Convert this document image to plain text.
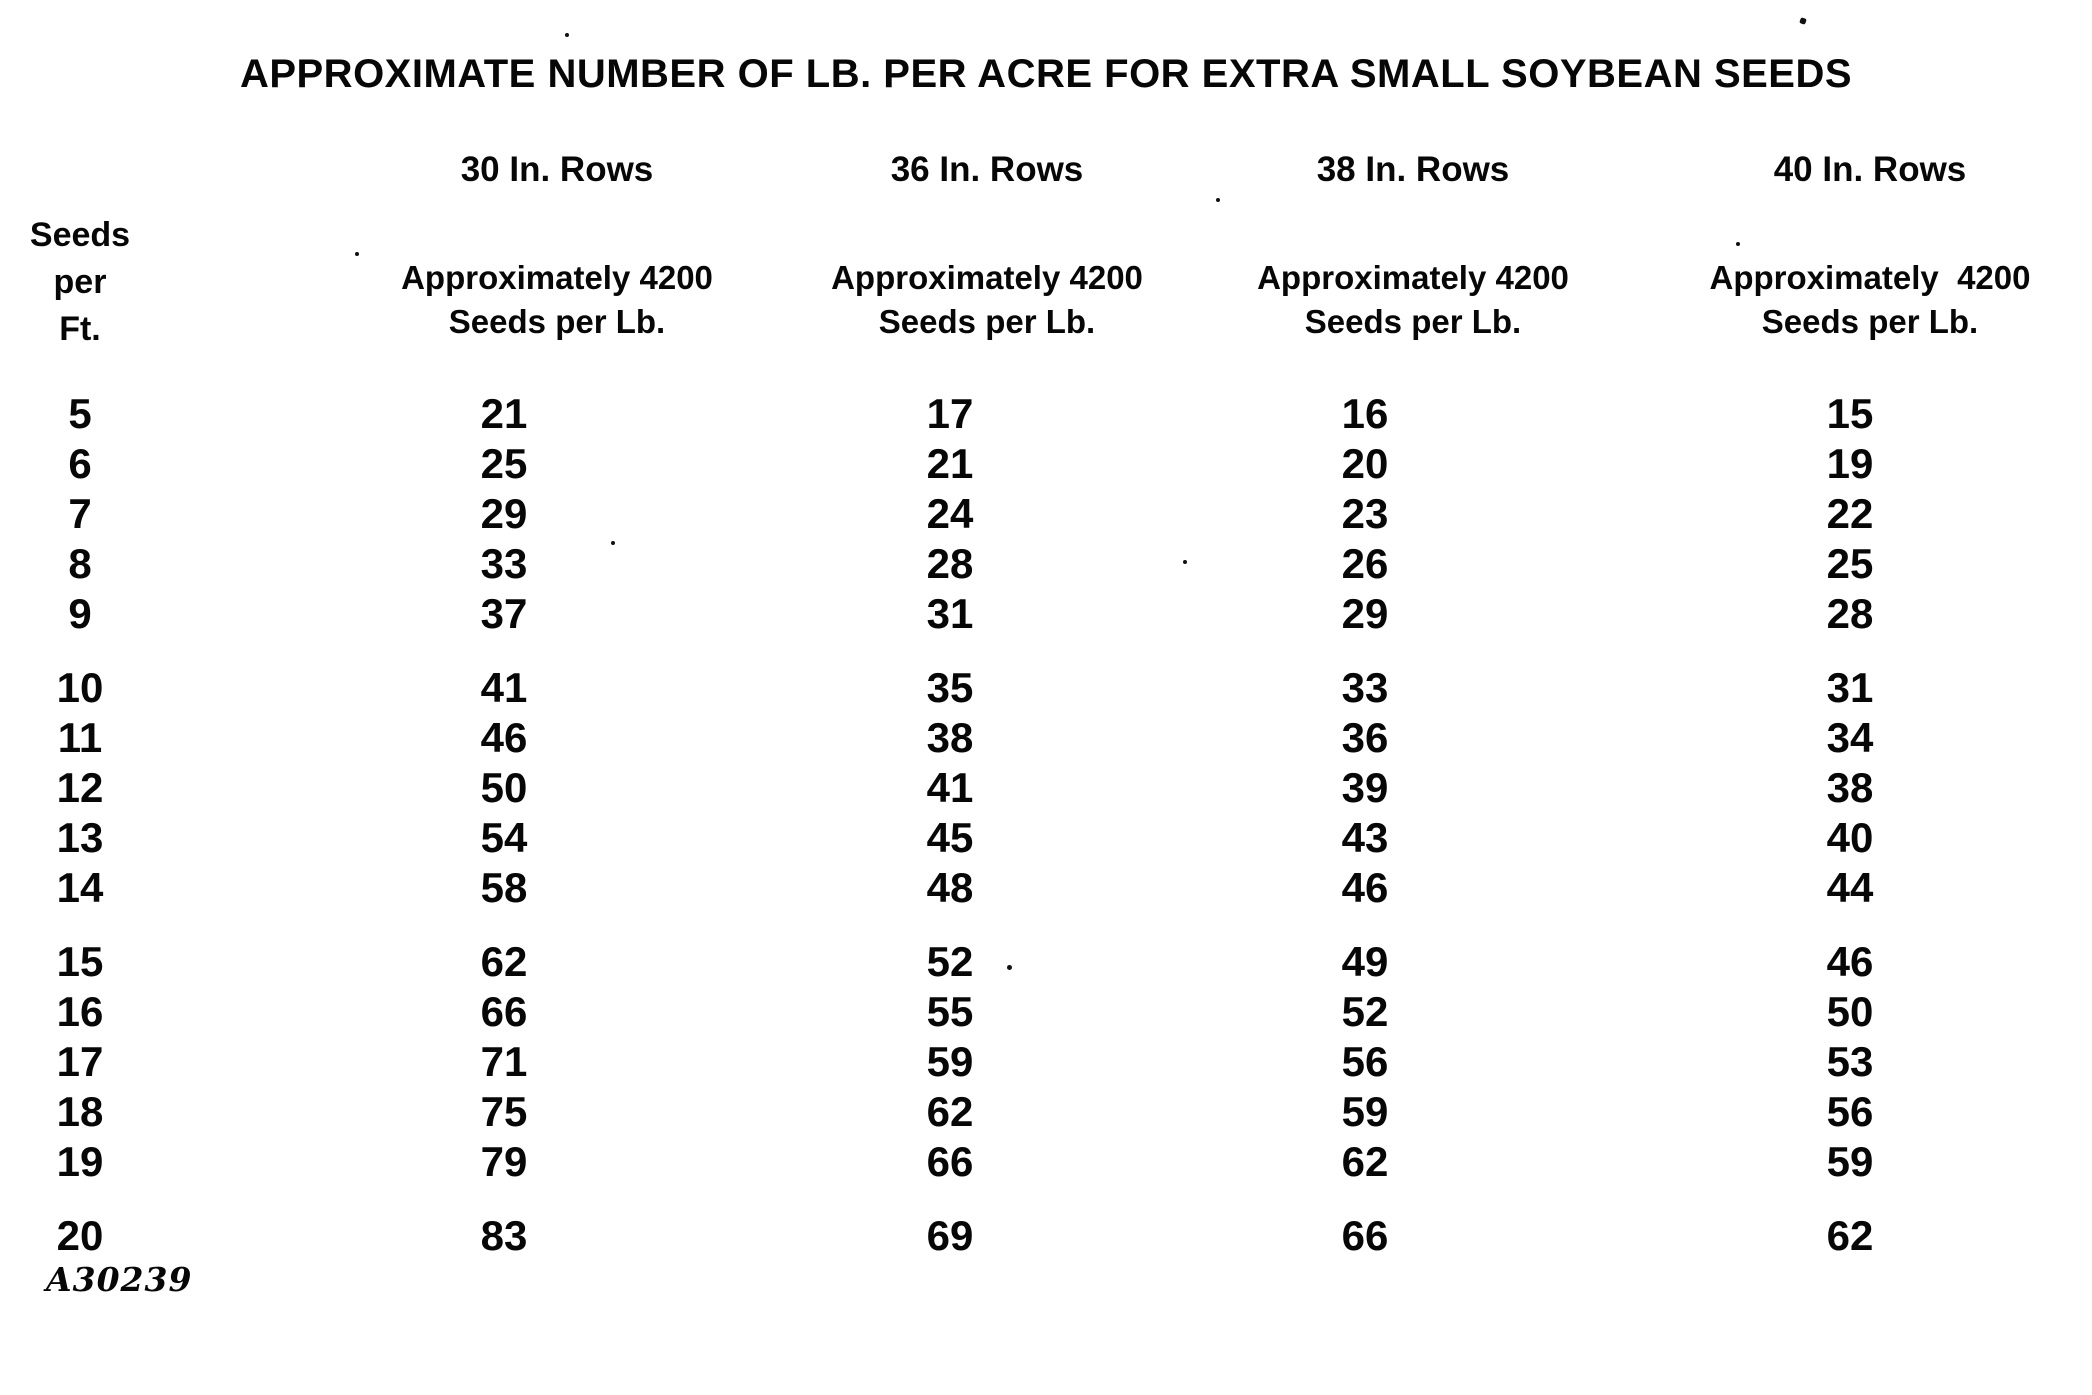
APPROXIMATE NUMBER OF LB. PER ACRE FOR EXTRA SMALL SOYBEAN SEEDS
Seeds
per
Ft.
30 In. Rows
Approximately 4200
Seeds per Lb.
36 In. Rows
Approximately 4200
Seeds per Lb.
38 In. Rows
Approximately 4200
Seeds per Lb.
40 In. Rows
Approximately  4200
Seeds per Lb.
5	21	17	16	15
6	25	21	20	19
7	29	24	23	22
8	33	28	26	25
9	37	31	29	28
10	41	35	33	31
11	46	38	36	34
12	50	41	39	38
13	54	45	43	40
14	58	48	46	44
15	62	52	49	46
16	66	55	52	50
17	71	59	56	53
18	75	62	59	56
19	79	66	62	59
20	83	69	66	62
A30239
